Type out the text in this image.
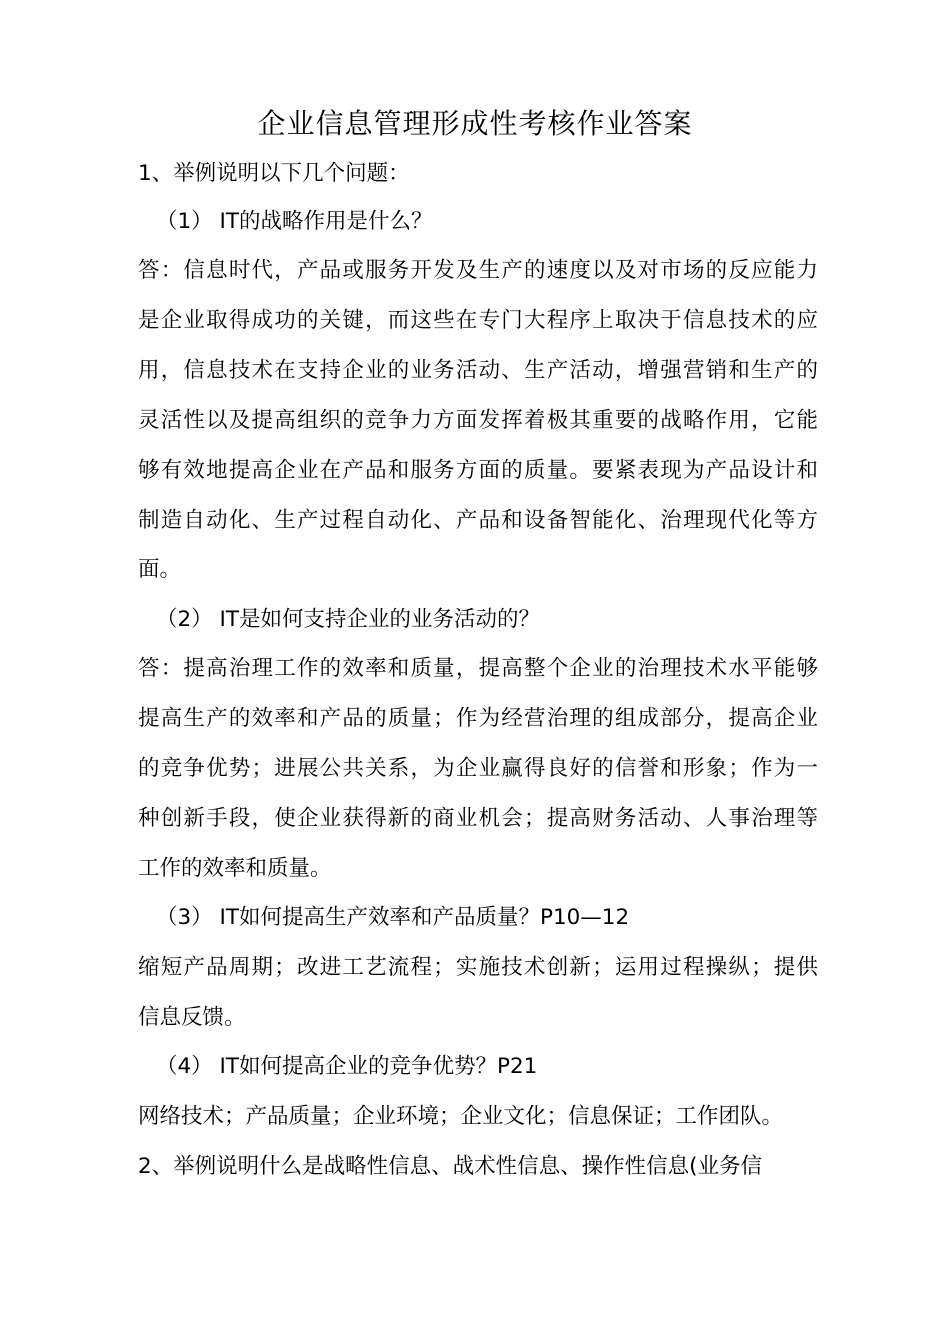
企业信息管理形成性考核作业答案
1、举例说明以下几个问题：
（1） IT的战略作用是什么？
答：信息时代，产品或服务开发及生产的速度以及对市场的反应能力
是企业取得成功的关键，而这些在专门大程序上取决于信息技术的应
用，信息技术在支持企业的业务活动、生产活动，增强营销和生产的
灵活性以及提高组织的竞争力方面发挥着极其重要的战略作用，它能
够有效地提高企业在产品和服务方面的质量。要紧表现为产品设计和
制造自动化、生产过程自动化、产品和设备智能化、治理现代化等方
面。
（2） IT是如何支持企业的业务活动的？
答：提高治理工作的效率和质量，提高整个企业的治理技术水平能够
提高生产的效率和产品的质量；作为经营治理的组成部分，提高企业
的竞争优势；进展公共关系，为企业赢得良好的信誉和形象；作为一
种创新手段，使企业获得新的商业机会；提高财务活动、人事治理等
工作的效率和质量。
（3） IT如何提高生产效率和产品质量？P10—12
缩短产品周期；改进工艺流程；实施技术创新；运用过程操纵；提供
信息反馈。
（4） IT如何提高企业的竞争优势？P21
网络技术；产品质量；企业环境；企业文化；信息保证；工作团队。
2、举例说明什么是战略性信息、战术性信息、操作性信息(业务信
